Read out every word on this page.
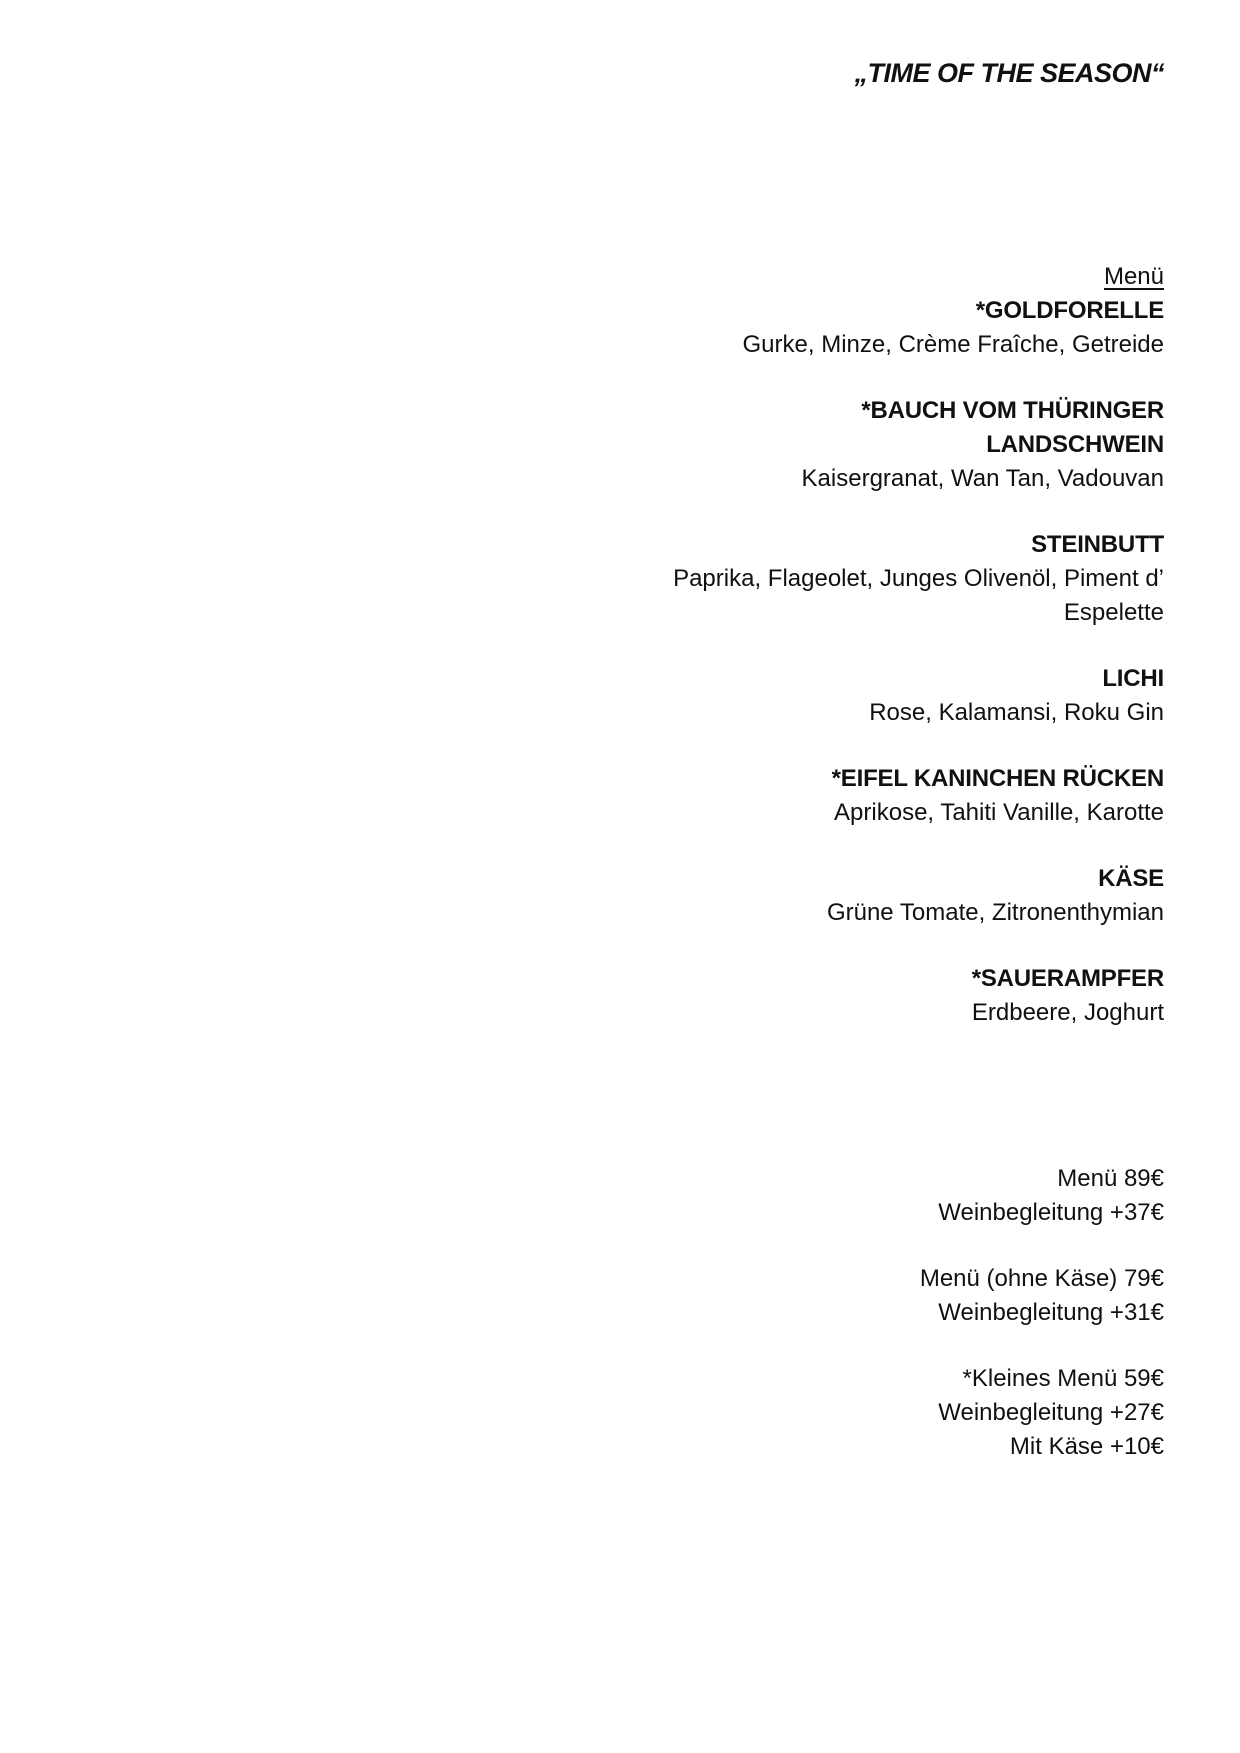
„TIME OF THE SEASON“
Menü
*GOLDFORELLE
Gurke, Minze, Crème Fraîche, Getreide
*BAUCH VOM THÜRINGER LANDSCHWEIN
Kaisergranat, Wan Tan, Vadouvan
STEINBUTT
Paprika, Flageolet, Junges Olivenöl, Piment d’ Espelette
LICHI
Rose, Kalamansi, Roku Gin
*EIFEL KANINCHEN RÜCKEN
Aprikose, Tahiti Vanille, Karotte
KÄSE
Grüne Tomate, Zitronenthymian
*SAUERAMPFER
Erdbeere, Joghurt
Menü 89€
Weinbegleitung +37€
Menü (ohne Käse) 79€
Weinbegleitung +31€
*Kleines Menü 59€
Weinbegleitung +27€
Mit Käse +10€
